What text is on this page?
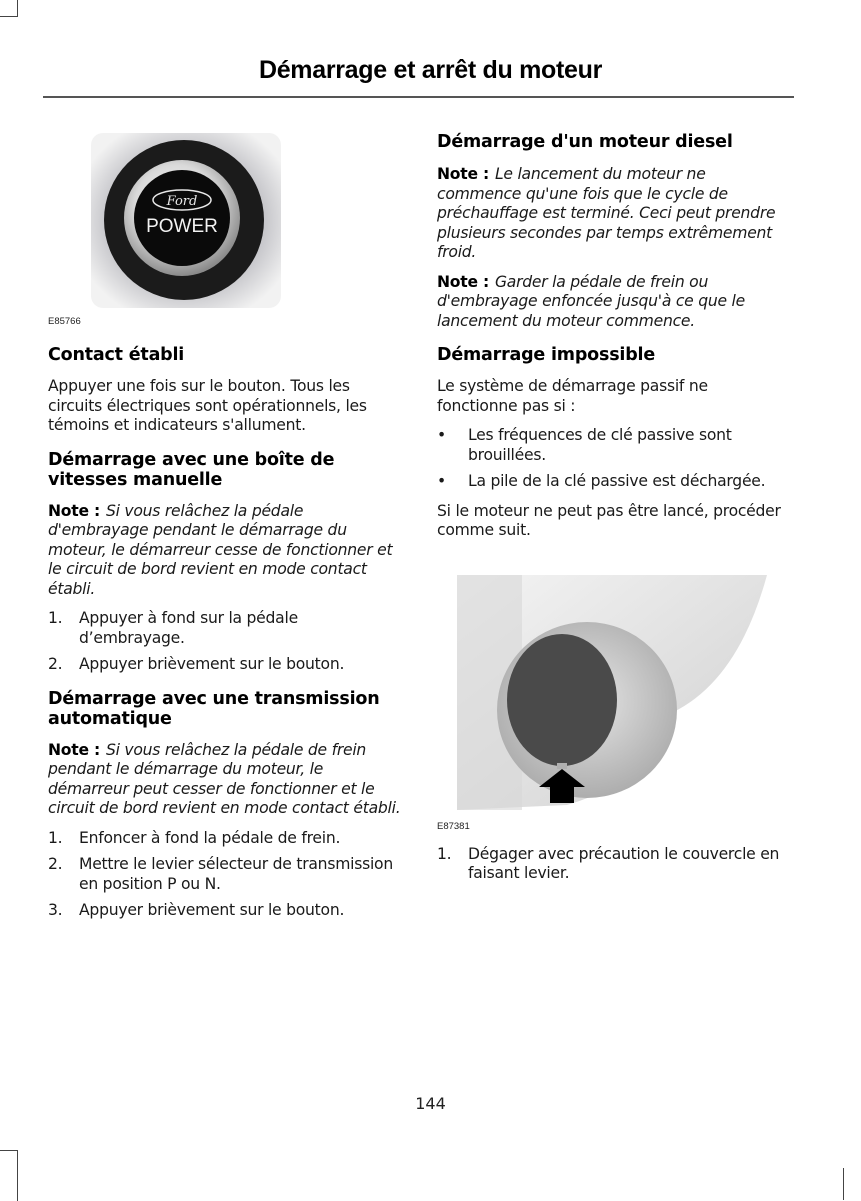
Démarrage et arrêt du moteur
Ford
POWER
E85766
Contact établi

Appuyer une fois sur le bouton. Tous les circuits électriques sont opérationnels, les témoins et indicateurs s'allument.

Démarrage avec une boîte de vitesses manuelle
Note : Si vous relâchez la pédale d'embrayage pendant le démarrage du moteur, le démarreur cesse de fonctionner et le circuit de bord revient en mode contact établi.
1. Appuyer à fond sur la pédale d’embrayage.
2. Appuyer brièvement sur le bouton.
Démarrage avec une transmission automatique
Note : Si vous relâchez la pédale de frein pendant le démarrage du moteur, le démarreur peut cesser de fonctionner et le circuit de bord revient en mode contact établi.
1. Enfoncer à fond la pédale de frein.
2. Mettre le levier sélecteur de transmission en position P ou N.
3. Appuyer brièvement sur le bouton.
Démarrage d'un moteur diesel
Note : Le lancement du moteur ne commence qu'une fois que le cycle de préchauffage est terminé. Ceci peut prendre plusieurs secondes par temps extrêmement froid.
Note : Garder la pédale de frein ou d'embrayage enfoncée jusqu'à ce que le lancement du moteur commence.
Démarrage impossible

Le système de démarrage passif ne fonctionne pas si :

• Les fréquences de clé passive sont brouillées.
• La pile de la clé passive est déchargée.

Si le moteur ne peut pas être lancé, procéder comme suit.

E87381
1. Dégager avec précaution le couvercle en faisant levier.
144
